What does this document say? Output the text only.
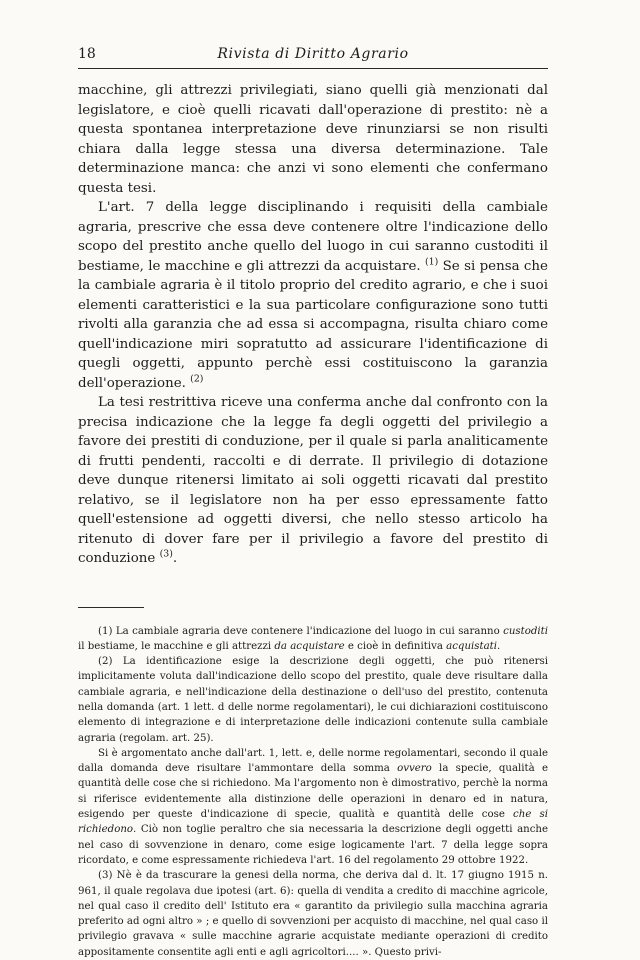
18	Rivista di Diritto Agrario

macchine, gli attrezzi privilegiati, siano quelli già menzionati dal legislatore, e cioè quelli ricavati dall'operazione di prestito: nè a questa spontanea interpretazione deve rinunziarsi se non risulti chiara dalla legge stessa una diversa determinazione. Tale determinazione manca: che anzi vi sono elementi che confermano questa tesi.

L'art. 7 della legge disciplinando i requisiti della cambiale agraria, prescrive che essa deve contenere oltre l'indicazione dello scopo del prestito anche quello del luogo in cui saranno custoditi il bestiame, le macchine e gli attrezzi da acquistare. $^{(1)}$ Se si pensa che la cambiale agraria è il titolo proprio del credito agrario, e che i suoi elementi caratteristici e la sua particolare configurazione sono tutti rivolti alla garanzia che ad essa si accompagna, risulta chiaro come quell'indicazione miri sopratutto ad assicurare l'identificazione di quegli oggetti, appunto perchè essi costituiscono la garanzia dell'operazione. $^{(2)}$

La tesi restrittiva riceve una conferma anche dal confronto con la precisa indicazione che la legge fa degli oggetti del privilegio a favore dei prestiti di conduzione, per il quale si parla analiticamente di frutti pendenti, raccolti e di derrate. Il privilegio di dotazione deve dunque ritenersi limitato ai soli oggetti ricavati dal prestito relativo, se il legislatore non ha per esso epressamente fatto quell'estensione ad oggetti diversi, che nello stesso articolo ha ritenuto di dover fare per il privilegio a favore del prestito di conduzione $^{(3)}$.

(1) La cambiale agraria deve contenere l'indicazione del luogo in cui saranno custoditi il bestiame, le macchine e gli attrezzi da acquistare e cioè in definitiva acquistati.

(2) La identificazione esige la descrizione degli oggetti, che può ritenersi implicitamente voluta dall'indicazione dello scopo del prestito, quale deve risultare dalla cambiale agraria, e nell'indicazione della destinazione o dell'uso del prestito, contenuta nella domanda (art. 1 lett. d delle norme regolamentari), le cui dichiarazioni costituiscono elemento di integrazione e di interpretazione delle indicazioni contenute sulla cambiale agraria (regolam. art. 25).

Si è argomentato anche dall'art. 1, lett. e, delle norme regolamentari, secondo il quale dalla domanda deve risultare l'ammontare della somma ovvero la specie, qualità e quantità delle cose che si richiedono. Ma l'argomento non è dimostrativo, perchè la norma si riferisce evidentemente alla distinzione delle operazioni in denaro ed in natura, esigendo per queste d'indicazione di specie, qualità e quantità delle cose che si richiedono. Ciò non toglie peraltro che sia necessaria la descrizione degli oggetti anche nel caso di sovvenzione in denaro, come esige logicamente l'art. 7 della legge sopra ricordato, e come espressamente richiedeva l'art. 16 del regolamento 29 ottobre 1922.

(3) Nè è da trascurare la genesi della norma, che deriva dal d. lt. 17 giugno 1915 n. 961, il quale regolava due ipotesi (art. 6): quella di vendita a credito di macchine agricole, nel qual caso il credito dell' Istituto era « garantito da privilegio sulla macchina agraria preferito ad ogni altro » ; e quello di sovvenzioni per acquisto di macchine, nel qual caso il privilegio gravava « sulle macchine agrarie acquistate mediante operazioni di credito appositamente consentite agli enti e agli agricoltori.... ». Questo privi-
